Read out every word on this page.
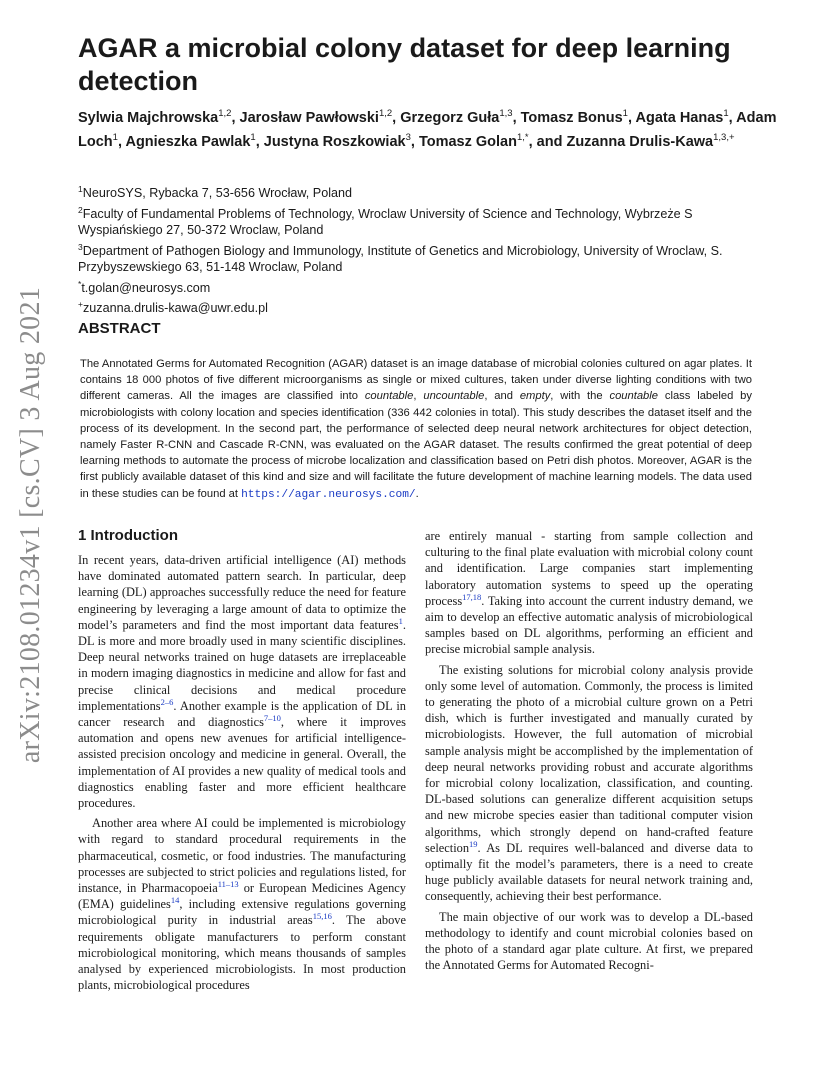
arXiv:2108.01234v1 [cs.CV] 3 Aug 2021
AGAR a microbial colony dataset for deep learning detection
Sylwia Majchrowska$^{1,2}$, Jarosław Pawłowski$^{1,2}$, Grzegorz Guła$^{1,3}$, Tomasz Bonus$^1$, Agata Hanas$^1$, Adam Loch$^1$, Agnieszka Pawlak$^1$, Justyna Roszkowiak$^3$, Tomasz Golan$^{1,*}$, and Zuzanna Drulis-Kawa$^{1,3,+}$
$^1$NeuroSYS, Rybacka 7, 53-656 Wrocław, Poland
$^2$Faculty of Fundamental Problems of Technology, Wroclaw University of Science and Technology, Wybrzeże S Wyspiańskiego 27, 50-372 Wroclaw, Poland
$^3$Department of Pathogen Biology and Immunology, Institute of Genetics and Microbiology, University of Wroclaw, S. Przybyszewskiego 63, 51-148 Wroclaw, Poland
*t.golan@neurosys.com
+zuzanna.drulis-kawa@uwr.edu.pl
ABSTRACT

The Annotated Germs for Automated Recognition (AGAR) dataset is an image database of microbial colonies cultured on agar plates. It contains 18 000 photos of five different microorganisms as single or mixed cultures, taken under diverse lighting conditions with two different cameras. All the images are classified into countable, uncountable, and empty, with the countable class labeled by microbiologists with colony location and species identification (336 442 colonies in total). This study describes the dataset itself and the process of its development. In the second part, the performance of selected deep neural network architectures for object detection, namely Faster R-CNN and Cascade R-CNN, was evaluated on the AGAR dataset. The results confirmed the great potential of deep learning methods to automate the process of microbe localization and classification based on Petri dish photos. Moreover, AGAR is the first publicly available dataset of this kind and size and will facilitate the future development of machine learning models. The data used in these studies can be found at https://agar.neurosys.com/.

1 Introduction

In recent years, data-driven artificial intelligence (AI) methods have dominated automated pattern search. In particular, deep learning (DL) approaches successfully reduce the need for feature engineering by leveraging a large amount of data to optimize the model’s parameters and find the most important data features$^1$. DL is more and more broadly used in many scientific disciplines. Deep neural networks trained on huge datasets are irreplaceable in modern imaging diagnostics in medicine and allow for fast and precise clinical decisions and medical procedure implementations$^{2-6}$. Another example is the application of DL in cancer research and diagnostics$^{7-10}$, where it improves automation and opens new avenues for artificial intelligence-assisted precision oncology and medicine in general. Overall, the implementation of AI provides a new quality of medical tools and diagnostics enabling faster and more efficient healthcare procedures.

Another area where AI could be implemented is microbiology with regard to standard procedural requirements in the pharmaceutical, cosmetic, or food industries. The manufacturing processes are subjected to strict policies and regulations listed, for instance, in Pharmacopoeia$^{11-13}$ or European Medicines Agency (EMA) guidelines$^{14}$, including extensive regulations governing microbiological purity in industrial areas$^{15,16}$. The above requirements obligate manufacturers to perform constant microbiological monitoring, which means thousands of samples analysed by experienced microbiologists. In most production plants, microbiological procedures

are entirely manual - starting from sample collection and culturing to the final plate evaluation with microbial colony count and identification. Large companies start implementing laboratory automation systems to speed up the operating process$^{17,18}$. Taking into account the current industry demand, we aim to develop an effective automatic analysis of microbiological samples based on DL algorithms, performing an efficient and precise microbial sample analysis.

The existing solutions for microbial colony analysis provide only some level of automation. Commonly, the process is limited to generating the photo of a microbial culture grown on a Petri dish, which is further investigated and manually curated by microbiologists. However, the full automation of microbial sample analysis might be accomplished by the implementation of deep neural networks providing robust and accurate algorithms for microbial colony localization, classification, and counting. DL-based solutions can generalize different acquisition setups and new microbe species easier than taditional computer vision algorithms, which strongly depend on hand-crafted feature selection$^{19}$. As DL requires well-balanced and diverse data to optimally fit the model’s parameters, there is a need to create huge publicly available datasets for neural network training and, consequently, achieving their best performance.

The main objective of our work was to develop a DL-based methodology to identify and count microbial colonies based on the photo of a standard agar plate culture. At first, we prepared the Annotated Germs for Automated Recogni-
